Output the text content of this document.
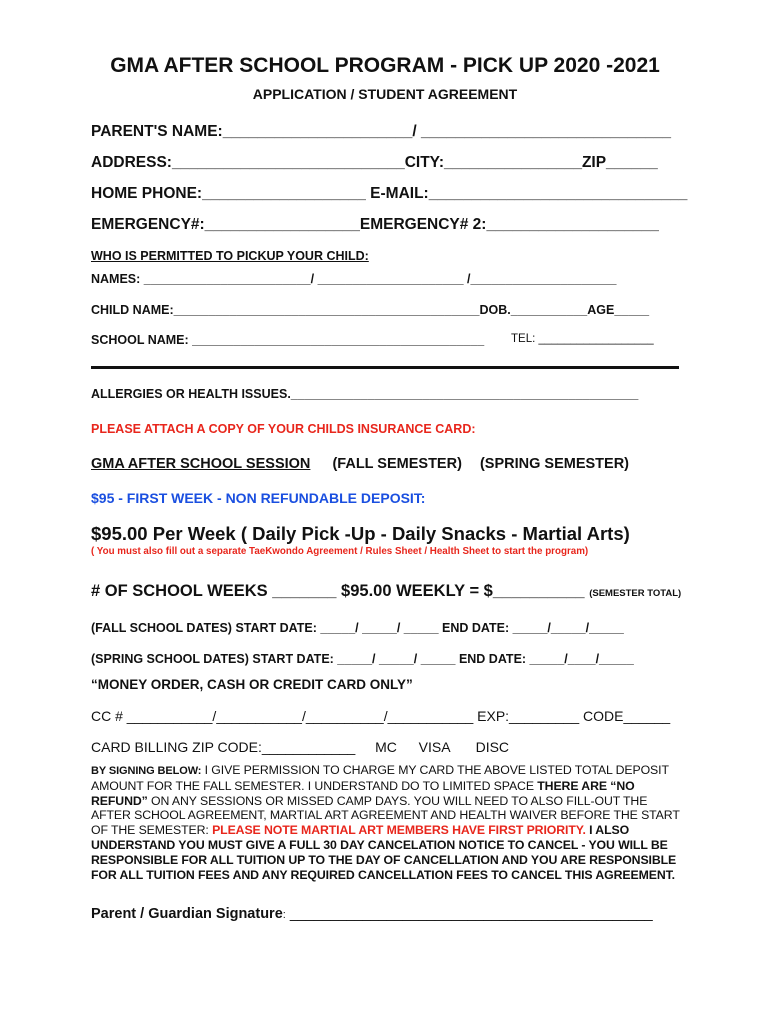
GMA AFTER SCHOOL PROGRAM - PICK UP 2020 -2021
APPLICATION / STUDENT AGREEMENT
PARENT'S NAME:______________________/ _____________________________
ADDRESS:___________________________CITY:________________ZIP______
HOME PHONE:___________________ E-MAIL:______________________________
EMERGENCY#:__________________EMERGENCY# 2:____________________
WHO IS PERMITTED TO PICKUP YOUR CHILD:
NAMES: ________________________/ _____________________ /_____________________
CHILD NAME:____________________________________________DOB.___________AGE_____
SCHOOL NAME: __________________________________________ TEL: __________________
ALLERGIES OR HEALTH ISSUES.__________________________________________________
PLEASE ATTACH A COPY OF YOUR CHILDS INSURANCE CARD:
GMA AFTER SCHOOL SESSION (FALL SEMESTER) (SPRING SEMESTER)
$95 - FIRST WEEK - NON REFUNDABLE DEPOSIT:
$95.00 Per Week ( Daily Pick -Up - Daily Snacks - Martial Arts)
( You must also fill out a separate TaeKwondo Agreement / Rules Sheet / Health Sheet to start the program)
# OF SCHOOL WEEKS _______ $95.00 WEEKLY = $__________ (SEMESTER TOTAL)
(FALL SCHOOL DATES) START DATE: _____/ _____/ _____ END DATE: _____/_____/_____
(SPRING SCHOOL DATES) START DATE: _____/ _____/ _____ END DATE: _____/____/_____
“MONEY ORDER, CASH OR CREDIT CARD ONLY”
CC # ___________/___________/__________/___________ EXP:_________ CODE______
CARD BILLING ZIP CODE:____________ MC VISA DISC
BY SIGNING BELOW: I GIVE PERMISSION TO CHARGE MY CARD THE ABOVE LISTED TOTAL DEPOSIT AMOUNT FOR THE FALL SEMESTER. I UNDERSTAND DO TO LIMITED SPACE THERE ARE “NO REFUND” ON ANY SESSIONS OR MISSED CAMP DAYS. YOU WILL NEED TO ALSO FILL-OUT THE AFTER SCHOOL AGREEMENT, MARTIAL ART AGREEMENT AND HEALTH WAIVER BEFORE THE START OF THE SEMESTER: PLEASE NOTE MARTIAL ART MEMBERS HAVE FIRST PRIORITY. I ALSO UNDERSTAND YOU MUST GIVE A FULL 30 DAY CANCELATION NOTICE TO CANCEL - YOU WILL BE RESPONSIBLE FOR ALL TUITION UP TO THE DAY OF CANCELLATION AND YOU ARE RESPONSIBLE FOR ALL TUITION FEES AND ANY REQUIRED CANCELLATION FEES TO CANCEL THIS AGREEMENT.
Parent / Guardian Signature: _____________________________________________
